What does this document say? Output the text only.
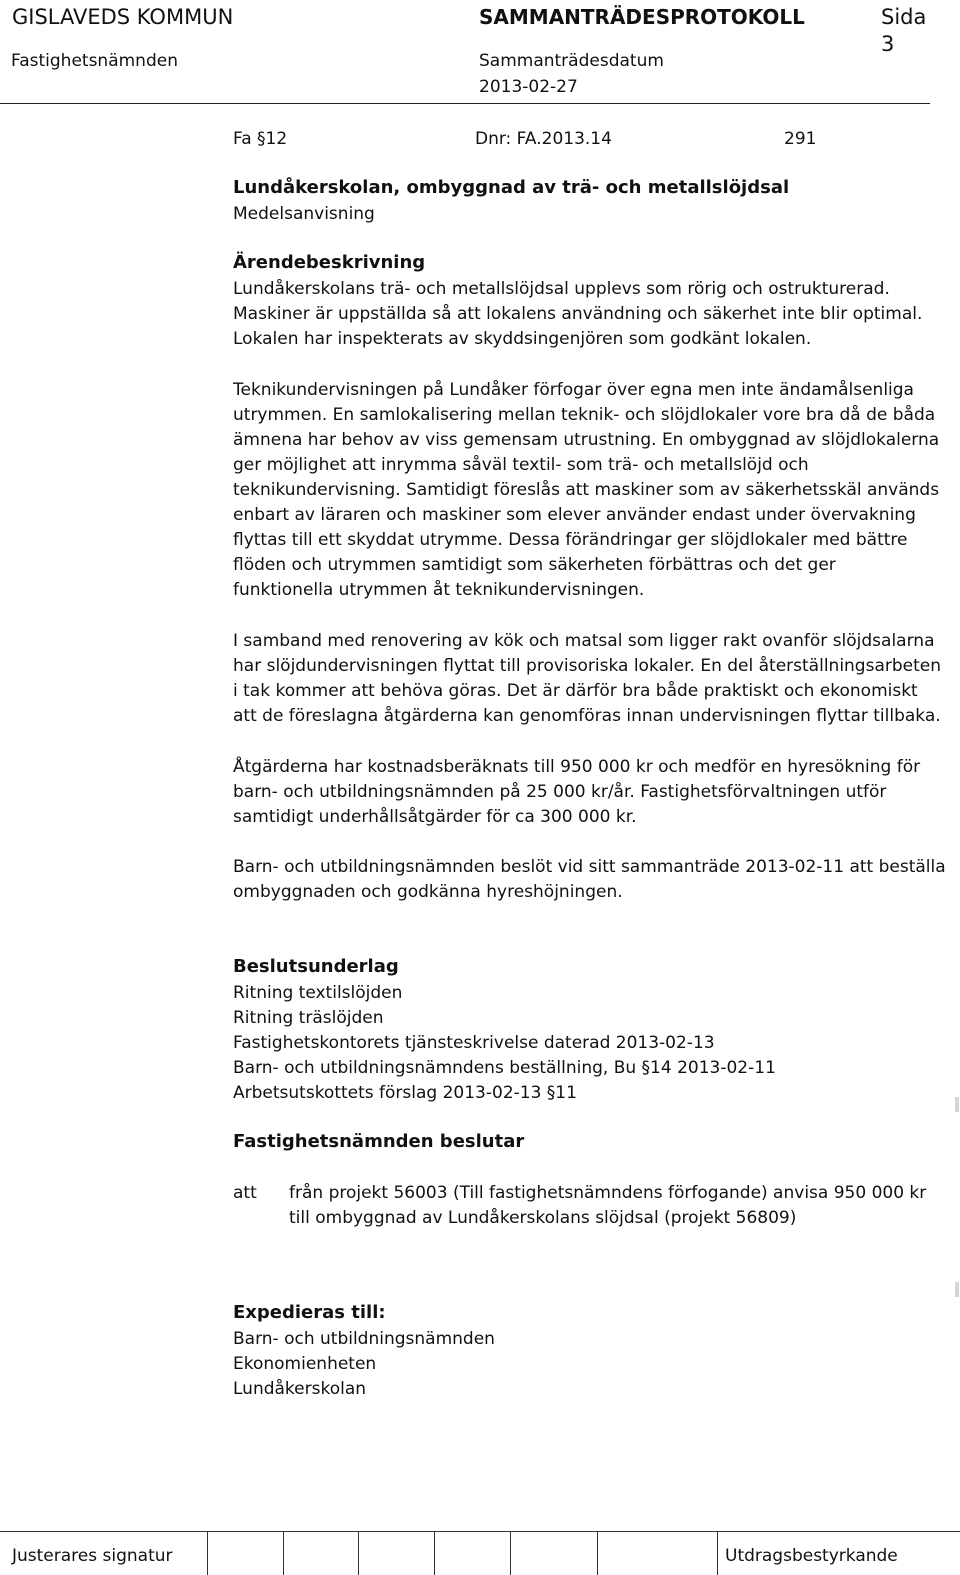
GISLAVEDS KOMMUN	SAMMANTRÄDESPROTOKOLL	Sida
3
Fastighetsnämnden	Sammanträdesdatum
2013-02-27
Fa §12	Dnr: FA.2013.14	291
Lundåkerskolan, ombyggnad av trä- och metallslöjdsal
Medelsanvisning
Ärendebeskrivning
Lundåkerskolans trä- och metallslöjdsal upplevs som rörig och ostrukturerad.
Maskiner är uppställda så att lokalens användning och säkerhet inte blir optimal.
Lokalen har inspekterats av skyddsingenjören som godkänt lokalen.
Teknikundervisningen på Lundåker förfogar över egna men inte ändamålsenliga
utrymmen. En samlokalisering mellan teknik- och slöjdlokaler vore bra då de båda
ämnena har behov av viss gemensam utrustning. En ombyggnad av slöjdlokalerna
ger möjlighet att inrymma såväl textil- som trä- och metallslöjd och
teknikundervisning. Samtidigt föreslås att maskiner som av säkerhetsskäl används
enbart av läraren och maskiner som elever använder endast under övervakning
flyttas till ett skyddat utrymme. Dessa förändringar ger slöjdlokaler med bättre
flöden och utrymmen samtidigt som säkerheten förbättras och det ger
funktionella utrymmen åt teknikundervisningen.
I samband med renovering av kök och matsal som ligger rakt ovanför slöjdsalarna
har slöjdundervisningen flyttat till provisoriska lokaler. En del återställningsarbeten
i tak kommer att behöva göras. Det är därför bra både praktiskt och ekonomiskt
att de föreslagna åtgärderna kan genomföras innan undervisningen flyttar tillbaka.
Åtgärderna har kostnadsberäknats till 950 000 kr och medför en hyresökning för
barn- och utbildningsnämnden på 25 000 kr/år. Fastighetsförvaltningen utför
samtidigt underhållsåtgärder för ca 300 000 kr.
Barn- och utbildningsnämnden beslöt vid sitt sammanträde 2013-02-11 att beställa
ombyggnaden och godkänna hyreshöjningen.
Beslutsunderlag
Ritning textilslöjden
Ritning träslöjden
Fastighetskontorets tjänsteskrivelse daterad 2013-02-13
Barn- och utbildningsnämndens beställning, Bu §14 2013-02-11
Arbetsutskottets förslag 2013-02-13 §11
Fastighetsnämnden beslutar
att från projekt 56003 (Till fastighetsnämndens förfogande) anvisa 950 000 kr
till ombyggnad av Lundåkerskolans slöjdsal (projekt 56809)
Expedieras till:
Barn- och utbildningsnämnden
Ekonomienheten
Lundåkerskolan
Justerares signatur	Utdragsbestyrkande
